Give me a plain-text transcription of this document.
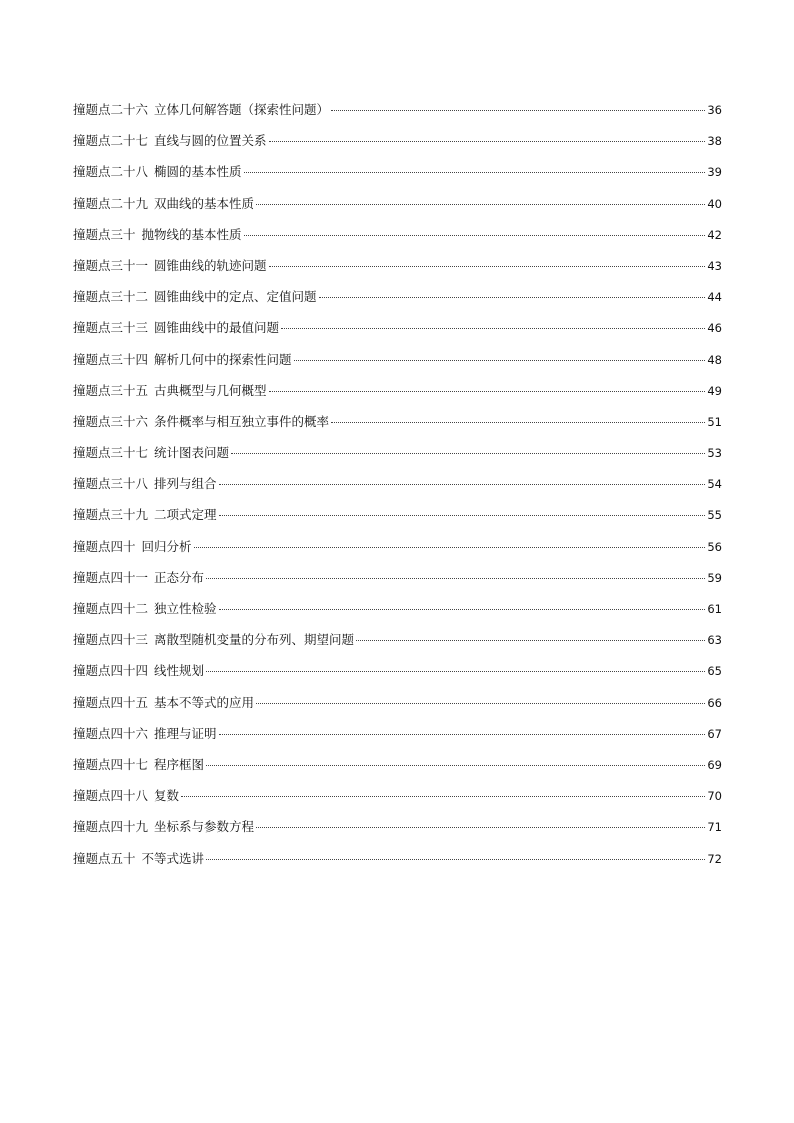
撞题点二十六 立体几何解答题（探索性问题）	36
撞题点二十七 直线与圆的位置关系	38
撞题点二十八 椭圆的基本性质	39
撞题点二十九 双曲线的基本性质	40
撞题点三十 抛物线的基本性质	42
撞题点三十一 圆锥曲线的轨迹问题	43
撞题点三十二 圆锥曲线中的定点、定值问题	44
撞题点三十三 圆锥曲线中的最值问题	46
撞题点三十四 解析几何中的探索性问题	48
撞题点三十五 古典概型与几何概型	49
撞题点三十六 条件概率与相互独立事件的概率	51
撞题点三十七 统计图表问题	53
撞题点三十八 排列与组合	54
撞题点三十九 二项式定理	55
撞题点四十 回归分析	56
撞题点四十一 正态分布	59
撞题点四十二 独立性检验	61
撞题点四十三 离散型随机变量的分布列、期望问题	63
撞题点四十四 线性规划	65
撞题点四十五 基本不等式的应用	66
撞题点四十六 推理与证明	67
撞题点四十七 程序框图	69
撞题点四十八 复数	70
撞题点四十九 坐标系与参数方程	71
撞题点五十 不等式选讲	72
